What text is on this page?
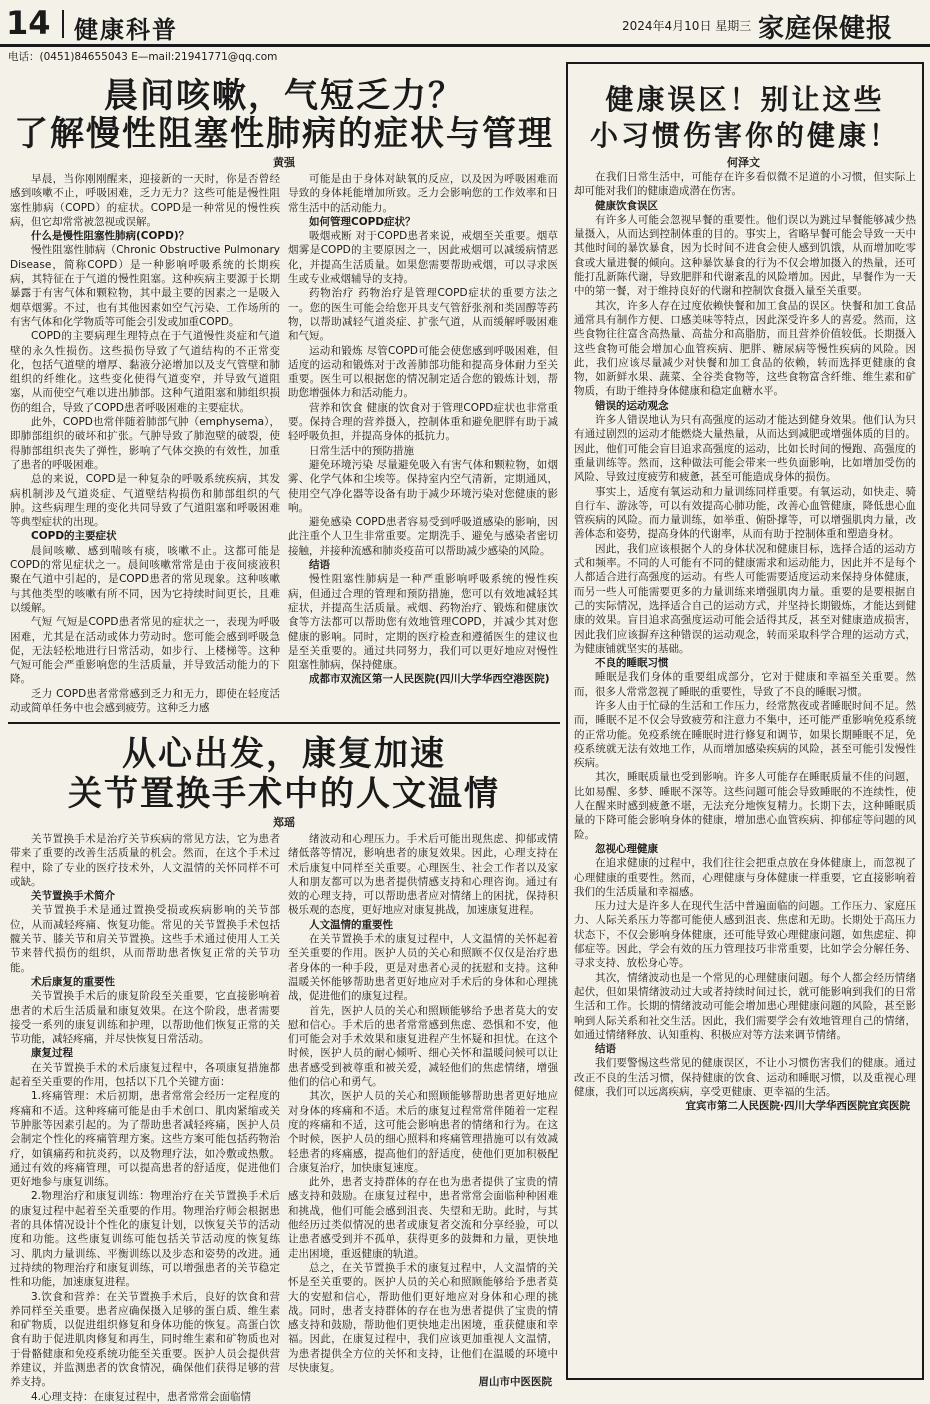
14 健康科普	2024年4月10日 星期三 家庭保健报
电话：(0451)84655043 E—mail:21941771@qq.com
晨间咳嗽，气短乏力？
了解慢性阻塞性肺病的症状与管理
黄强

早晨，当你刚刚醒来，迎接新的一天时，你是否曾经感到咳嗽不止，呼吸困难，乏力无力？这些可能是慢性阻塞性肺病（COPD）的症状。COPD是一种常见的慢性疾病，但它却常常被忽视或误解。

什么是慢性阻塞性肺病(COPD)？

慢性阻塞性肺病（Chronic Obstructive Pulmonary Disease，简称COPD）是一种影响呼吸系统的长期疾病，其特征在于气道的慢性阻塞。这种疾病主要源于长期暴露于有害气体和颗粒物，其中最主要的因素之一是吸入烟草烟雾。不过，也有其他因素如空气污染、工作场所的有害气体和化学物质等可能会引发或加重COPD。

COPD的主要病理生理特点在于气道慢性炎症和气道壁的永久性损伤。这些损伤导致了气道结构的不正常变化，包括气道壁的增厚、黏液分泌增加以及支气管壁和肺组织的纤维化。这些变化使得气道变窄，并导致气道阻塞，从而使空气难以进出肺部。这种气道阻塞和肺组织损伤的组合，导致了COPD患者呼吸困难的主要症状。

此外，COPD也常伴随着肺部气肿（emphysema），即肺部组织的破坏和扩张。气肿导致了肺泡壁的破裂，使得肺部组织丧失了弹性，影响了气体交换的有效性，加重了患者的呼吸困难。

总的来说，COPD是一种复杂的呼吸系统疾病，其发病机制涉及气道炎症、气道壁结构损伤和肺部组织的气肿。这些病理生理的变化共同导致了气道阻塞和呼吸困难等典型症状的出现。

COPD的主要症状

晨间咳嗽、感到喘咳有痰，咳嗽不止。这都可能是COPD的常见症状之一。晨间咳嗽常常是由于夜间痰液积聚在气道中引起的，是COPD患者的常见现象。这种咳嗽与其他类型的咳嗽有所不同，因为它持续时间更长，且难以缓解。

气短 气短是COPD患者常见的症状之一，表现为呼吸困难，尤其是在活动或体力劳动时。您可能会感到呼吸急促，无法轻松地进行日常活动，如步行、上楼梯等。这种气短可能会严重影响您的生活质量，并导致活动能力的下降。

乏力 COPD患者常常感到乏力和无力，即使在轻度活动或简单任务中也会感到疲劳。这种乏力感

可能是由于身体对缺氧的反应，以及因为呼吸困难而导致的身体耗能增加所致。乏力会影响您的工作效率和日常生活中的活动能力。

如何管理COPD症状？

吸烟戒断 对于COPD患者来说，戒烟至关重要。烟草烟雾是COPD的主要原因之一，因此戒烟可以减缓病情恶化，并提高生活质量。如果您需要帮助戒烟，可以寻求医生或专业戒烟辅导的支持。

药物治疗 药物治疗是管理COPD症状的重要方法之一。您的医生可能会给您开具支气管舒张剂和类固醇等药物，以帮助减轻气道炎症、扩张气道，从而缓解呼吸困难和气短。

运动和锻炼 尽管COPD可能会使您感到呼吸困难，但适度的运动和锻炼对于改善肺部功能和提高身体耐力至关重要。医生可以根据您的情况制定适合您的锻炼计划，帮助您增强体力和活动能力。

营养和饮食 健康的饮食对于管理COPD症状也非常重要。保持合理的营养摄入，控制体重和避免肥胖有助于减轻呼吸负担，并提高身体的抵抗力。

日常生活中的预防措施

避免环境污染 尽量避免吸入有害气体和颗粒物，如烟雾、化学气体和尘埃等。保持室内空气清新，定期通风，使用空气净化器等设备有助于减少环境污染对您健康的影响。

避免感染 COPD患者容易受到呼吸道感染的影响，因此注重个人卫生非常重要。定期洗手、避免与感染者密切接触，并接种流感和肺炎疫苗可以帮助减少感染的风险。

结语

慢性阻塞性肺病是一种严重影响呼吸系统的慢性疾病，但通过合理的管理和预防措施，您可以有效地减轻其症状，并提高生活质量。戒烟、药物治疗、锻炼和健康饮食等方法都可以帮助您有效地管理COPD，并减少其对您健康的影响。同时，定期的医疗检查和遵循医生的建议也是至关重要的。通过共同努力，我们可以更好地应对慢性阻塞性肺病，保持健康。

成都市双流区第一人民医院(四川大学华西空港医院)

从心出发，康复加速
关节置换手术中的人文温情
郑瑶

关节置换手术是治疗关节疾病的常见方法，它为患者带来了重要的改善生活质量的机会。然而，在这个手术过程中，除了专业的医疗技术外，人文温情的关怀同样不可或缺。

关节置换手术简介

关节置换手术是通过置换受损或疾病影响的关节部位，从而减轻疼痛、恢复功能。常见的关节置换手术包括髋关节、膝关节和肩关节置换。这些手术通过使用人工关节来替代损伤的组织，从而帮助患者恢复正常的关节功能。

术后康复的重要性

关节置换手术后的康复阶段至关重要，它直接影响着患者的术后生活质量和康复效果。在这个阶段，患者需要接受一系列的康复训练和护理，以帮助他们恢复正常的关节功能，减轻疼痛，并尽快恢复日常活动。

康复过程

在关节置换手术的术后康复过程中，各项康复措施都起着至关重要的作用，包括以下几个关键方面：

1.疼痛管理：术后初期，患者常常会经历一定程度的疼痛和不适。这种疼痛可能是由手术创口、肌肉紧缩或关节肿胀等因素引起的。为了帮助患者减轻疼痛，医护人员会制定个性化的疼痛管理方案。这些方案可能包括药物治疗，如镇痛药和抗炎药，以及物理疗法，如冷敷或热敷。通过有效的疼痛管理，可以提高患者的舒适度，促进他们更好地参与康复训练。

2.物理治疗和康复训练：物理治疗在关节置换手术后的康复过程中起着至关重要的作用。物理治疗师会根据患者的具体情况设计个性化的康复计划，以恢复关节的活动度和功能。这些康复训练可能包括关节活动度的恢复练习、肌肉力量训练、平衡训练以及步态和姿势的改进。通过持续的物理治疗和康复训练，可以增强患者的关节稳定性和功能，加速康复进程。

3.饮食和营养：在关节置换手术后，良好的饮食和营养同样至关重要。患者应确保摄入足够的蛋白质、维生素和矿物质，以促进组织修复和身体功能的恢复。高蛋白饮食有助于促进肌肉修复和再生，同时维生素和矿物质也对于骨骼健康和免疫系统功能至关重要。医护人员会提供营养建议，并监测患者的饮食情况，确保他们获得足够的营养支持。

4.心理支持：在康复过程中，患者常常会面临情

绪波动和心理压力。手术后可能出现焦虑、抑郁或情绪低落等情况，影响患者的康复效果。因此，心理支持在术后康复中同样至关重要。心理医生、社会工作者以及家人和朋友都可以为患者提供情感支持和心理咨询。通过有效的心理支持，可以帮助患者应对情绪上的困扰，保持积极乐观的态度，更好地应对康复挑战，加速康复进程。

人文温情的重要性

在关节置换手术的康复过程中，人文温情的关怀起着至关重要的作用。医护人员的关心和照顾不仅仅是治疗患者身体的一种手段，更是对患者心灵的抚慰和支持。这种温暖关怀能够帮助患者更好地应对手术后的身体和心理挑战，促进他们的康复过程。

首先，医护人员的关心和照顾能够给予患者莫大的安慰和信心。手术后的患者常常感到焦虑、恐惧和不安，他们可能会对手术效果和康复进程产生怀疑和担忧。在这个时候，医护人员的耐心倾听、细心关怀和温暖问候可以让患者感受到被尊重和被关爱，减轻他们的焦虑情绪，增强他们的信心和勇气。

其次，医护人员的关心和照顾能够帮助患者更好地应对身体的疼痛和不适。术后的康复过程常常伴随着一定程度的疼痛和不适，这可能会影响患者的情绪和行为。在这个时候，医护人员的细心照料和疼痛管理措施可以有效减轻患者的疼痛感，提高他们的舒适度，使他们更加积极配合康复治疗，加快康复速度。

此外，患者支持群体的存在也为患者提供了宝贵的情感支持和鼓励。在康复过程中，患者常常会面临种种困难和挑战，他们可能会感到沮丧、失望和无助。此时，与其他经历过类似情况的患者或康复者交流和分享经验，可以让患者感受到并不孤单，获得更多的鼓舞和力量，更快地走出困境，重返健康的轨道。

总之，在关节置换手术的康复过程中，人文温情的关怀是至关重要的。医护人员的关心和照顾能够给予患者莫大的安慰和信心，帮助他们更好地应对身体和心理的挑战。同时，患者支持群体的存在也为患者提供了宝贵的情感支持和鼓励，帮助他们更快地走出困境，重获健康和幸福。因此，在康复过程中，我们应该更加重视人文温情，为患者提供全方位的关怀和支持，让他们在温暖的环境中尽快康复。

眉山市中医医院

健康误区！别让这些
小习惯伤害你的健康！
何泽文

在我们日常生活中，可能存在许多看似微不足道的小习惯，但实际上却可能对我们的健康造成潜在伤害。

健康饮食误区

有许多人可能会忽视早餐的重要性。他们误以为跳过早餐能够减少热量摄入，从而达到控制体重的目的。事实上，省略早餐可能会导致一天中其他时间的暴饮暴食，因为长时间不进食会使人感到饥饿，从而增加吃零食或大量进餐的倾向。这种暴饮暴食的行为不仅会增加摄入的热量，还可能打乱新陈代谢，导致肥胖和代谢紊乱的风险增加。因此，早餐作为一天中的第一餐，对于维持良好的代谢和控制饮食摄入量至关重要。

其次，许多人存在过度依赖快餐和加工食品的误区。快餐和加工食品通常具有制作方便、口感美味等特点，因此深受许多人的喜爱。然而，这些食物往往富含高热量、高盐分和高脂肪，而且营养价值较低。长期摄入这些食物可能会增加心血管疾病、肥胖、糖尿病等慢性疾病的风险。因此，我们应该尽量减少对快餐和加工食品的依赖，转而选择更健康的食物，如新鲜水果、蔬菜、全谷类食物等，这些食物富含纤维、维生素和矿物质，有助于维持身体健康和稳定血糖水平。

错误的运动观念

许多人错误地认为只有高强度的运动才能达到健身效果。他们认为只有通过剧烈的运动才能燃烧大量热量，从而达到减肥或增强体质的目的。因此，他们可能会盲目追求高强度的运动，比如长时间的慢跑、高强度的重量训练等。然而，这种做法可能会带来一些负面影响，比如增加受伤的风险、导致过度疲劳和疲惫，甚至可能造成身体的损伤。

事实上，适度有氧运动和力量训练同样重要。有氧运动，如快走、骑自行车、游泳等，可以有效提高心肺功能，改善心血管健康，降低患心血管疾病的风险。而力量训练，如举重、俯卧撑等，可以增强肌肉力量，改善体态和姿势，提高身体的代谢率，从而有助于控制体重和塑造身材。

因此，我们应该根据个人的身体状况和健康目标，选择合适的运动方式和频率。不同的人可能有不同的健康需求和运动能力，因此并不是每个人都适合进行高强度的运动。有些人可能需要适度运动来保持身体健康，而另一些人可能需要更多的力量训练来增强肌肉力量。重要的是要根据自己的实际情况，选择适合自己的运动方式，并坚持长期锻炼，才能达到健康的效果。盲目追求高强度运动可能会适得其反，甚至对健康造成损害，因此我们应该摒弃这种错误的运动观念，转而采取科学合理的运动方式，为健康铺就坚实的基础。

不良的睡眠习惯

睡眠是我们身体的重要组成部分，它对于健康和幸福至关重要。然而，很多人常常忽视了睡眠的重要性，导致了不良的睡眠习惯。

许多人由于忙碌的生活和工作压力，经常熬夜或者睡眠时间不足。然而，睡眠不足不仅会导致疲劳和注意力不集中，还可能严重影响免疫系统的正常功能。免疫系统在睡眠时进行修复和调节，如果长期睡眠不足，免疫系统就无法有效地工作，从而增加感染疾病的风险，甚至可能引发慢性疾病。

其次，睡眠质量也受到影响。许多人可能存在睡眠质量不佳的问题，比如易醒、多梦、睡眠不深等。这些问题可能会导致睡眠的不连续性，使人在醒来时感到疲惫不堪，无法充分地恢复精力。长期下去，这种睡眠质量的下降可能会影响身体的健康，增加患心血管疾病、抑郁症等问题的风险。

忽视心理健康

在追求健康的过程中，我们往往会把重点放在身体健康上，而忽视了心理健康的重要性。然而，心理健康与身体健康一样重要，它直接影响着我们的生活质量和幸福感。

压力过大是许多人在现代生活中普遍面临的问题。工作压力、家庭压力、人际关系压力等都可能使人感到沮丧、焦虑和无助。长期处于高压力状态下，不仅会影响身体健康，还可能导致心理健康问题，如焦虑症、抑郁症等。因此，学会有效的压力管理技巧非常重要，比如学会分解任务、寻求支持、放松身心等。

其次，情绪波动也是一个常见的心理健康问题。每个人都会经历情绪起伏，但如果情绪波动过大或者持续时间过长，就可能影响到我们的日常生活和工作。长期的情绪波动可能会增加患心理健康问题的风险，甚至影响到人际关系和社交生活。因此，我们需要学会有效地管理自己的情绪，如通过情绪释放、认知重构、积极应对等方法来调节情绪。

结语

我们要警惕这些常见的健康误区，不让小习惯伤害我们的健康。通过改正不良的生活习惯，保持健康的饮食、运动和睡眠习惯，以及重视心理健康，我们可以远离疾病，享受更健康、更幸福的生活。

宜宾市第二人民医院·四川大学华西医院宜宾医院
